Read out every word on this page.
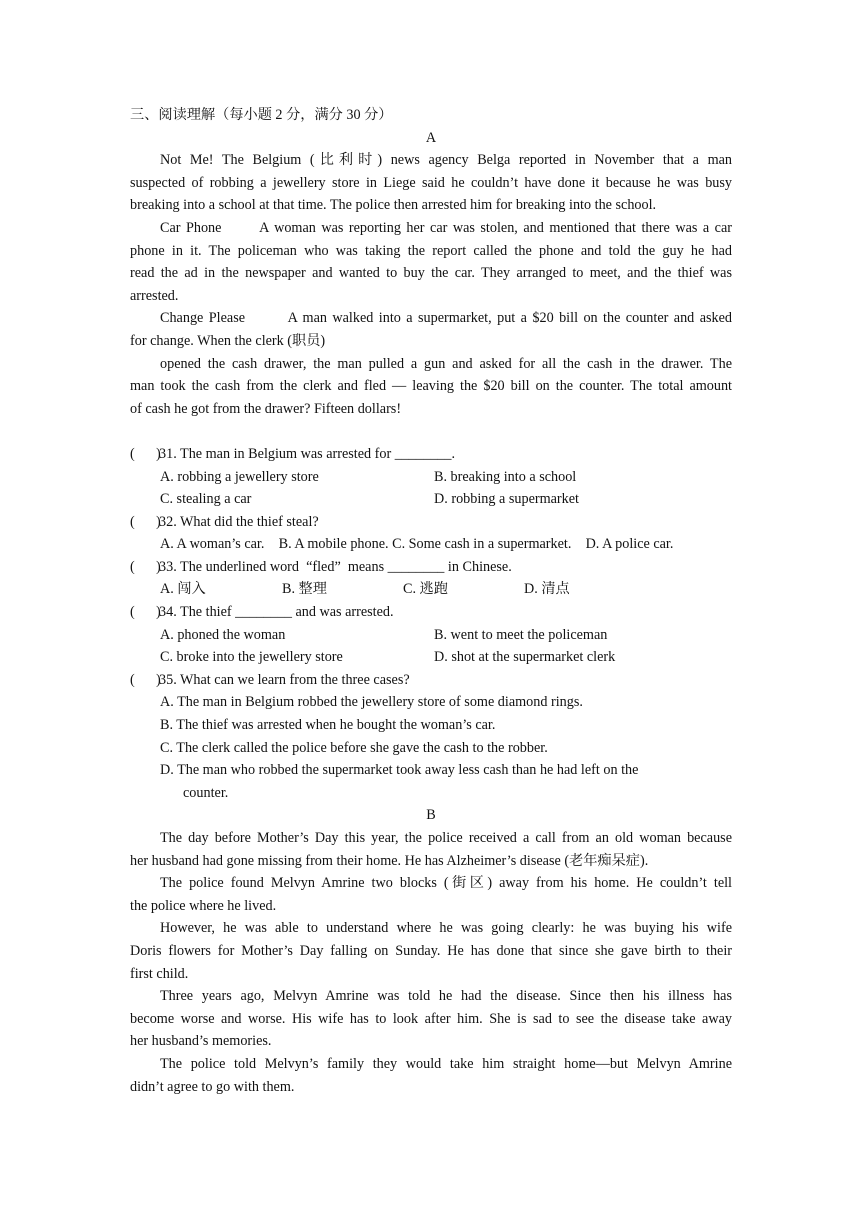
三、阅读理解（每小题 2 分，满分 30 分）
A
Not Me! The Belgium (比利时) news agency Belga reported in November that a man
suspected of robbing a jewellery store in Liege said he couldn’t have done it because he was busy
breaking into a school at that time. The police then arrested him for breaking into the school.
Car Phone       A woman was reporting her car was stolen, and mentioned that there was a car
phone in it. The policeman who was taking the report called the phone and told the guy he had
read the ad in the newspaper and wanted to buy the car. They arranged to meet, and the thief was
arrested.
Change Please        A man walked into a supermarket, put a $20 bill on the counter and asked
for change. When the clerk (职员)
opened the cash drawer, the man pulled a gun and asked for all the cash in the drawer. The
man took the cash from the clerk and fled — leaving the $20 bill on the counter. The total amount
of cash he got from the drawer? Fifteen dollars!
(      )31. The man in Belgium was arrested for ________.
A. robbing a jewellery store	B. breaking into a school
C. stealing a car	D. robbing a supermarket
(      )32. What did the thief steal?
A. A woman’s car.    B. A mobile phone. C. Some cash in a supermarket.    D. A police car.
(      )33. The underlined word  “fled”  means ________ in Chinese.
A. 闯入	B. 整理	C. 逃跑	D. 清点
(      )34. The thief ________ and was arrested.
A. phoned the woman	B. went to meet the policeman
C. broke into the jewellery store	D. shot at the supermarket clerk
(      )35. What can we learn from the three cases?
A. The man in Belgium robbed the jewellery store of some diamond rings.
B. The thief was arrested when he bought the woman’s car.
C. The clerk called the police before she gave the cash to the robber.
D. The man who robbed the supermarket took away less cash than he had left on the
counter.
B
The day before Mother’s Day this year, the police received a call from an old woman because
her husband had gone missing from their home. He has Alzheimer’s disease (老年痴呆症).
The police found Melvyn Amrine two blocks (街区) away from his home. He couldn’t tell
the police where he lived.
However, he was able to understand where he was going clearly: he was buying his wife
Doris flowers for Mother’s Day falling on Sunday. He has done that since she gave birth to their
first child.
Three years ago, Melvyn Amrine was told he had the disease. Since then his illness has
become worse and worse. His wife has to look after him. She is sad to see the disease take away
her husband’s memories.
The police told Melvyn’s family they would take him straight home—but Melvyn Amrine
didn’t agree to go with them.
